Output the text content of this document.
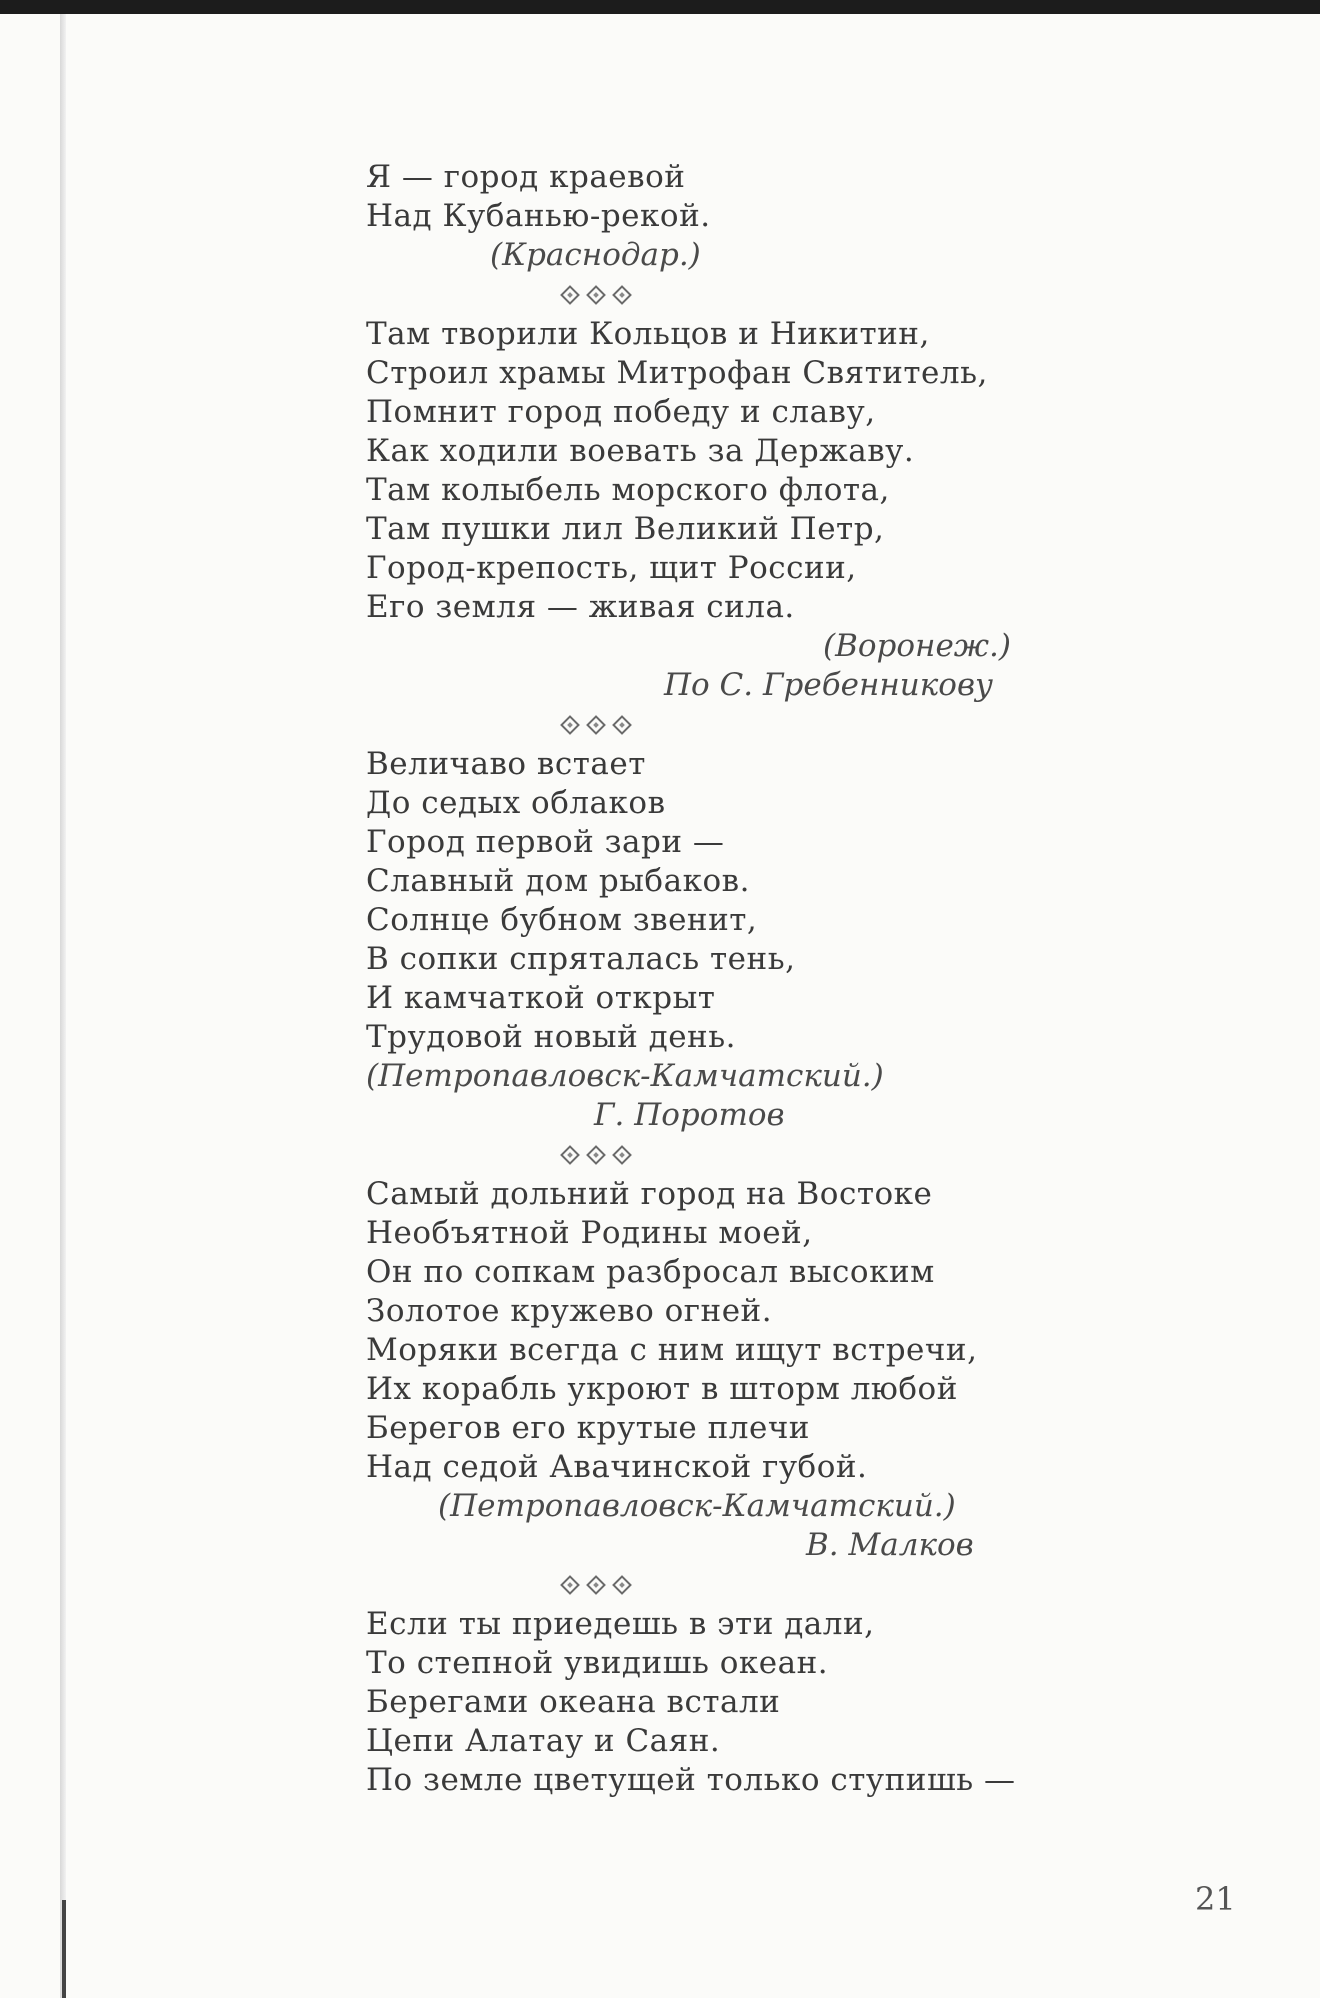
Я — город краевой
Над Кубанью-рекой.
(Краснодар.)
Там творили Кольцов и Никитин,
Строил храмы Митрофан Святитель,
Помнит город победу и славу,
Как ходили воевать за Державу.
Там колыбель морского флота,
Там пушки лил Великий Петр,
Город-крепость, щит России,
Его земля — живая сила.
(Воронеж.)
По С. Гребенникову
Величаво встает
До седых облаков
Город первой зари —
Славный дом рыбаков.
Солнце бубном звенит,
В сопки спряталась тень,
И камчаткой открыт
Трудовой новый день.
(Петропавловск-Камчатский.)
Г. Поротов
Самый дольний город на Востоке
Необъятной Родины моей,
Он по сопкам разбросал высоким
Золотое кружево огней.
Моряки всегда с ним ищут встречи,
Их корабль укроют в шторм любой
Берегов его крутые плечи
Над седой Авачинской губой.
(Петропавловск-Камчатский.)
В. Малков
Если ты приедешь в эти дали,
То степной увидишь океан.
Берегами океана встали
Цепи Алатау и Саян.
По земле цветущей только ступишь —
21
